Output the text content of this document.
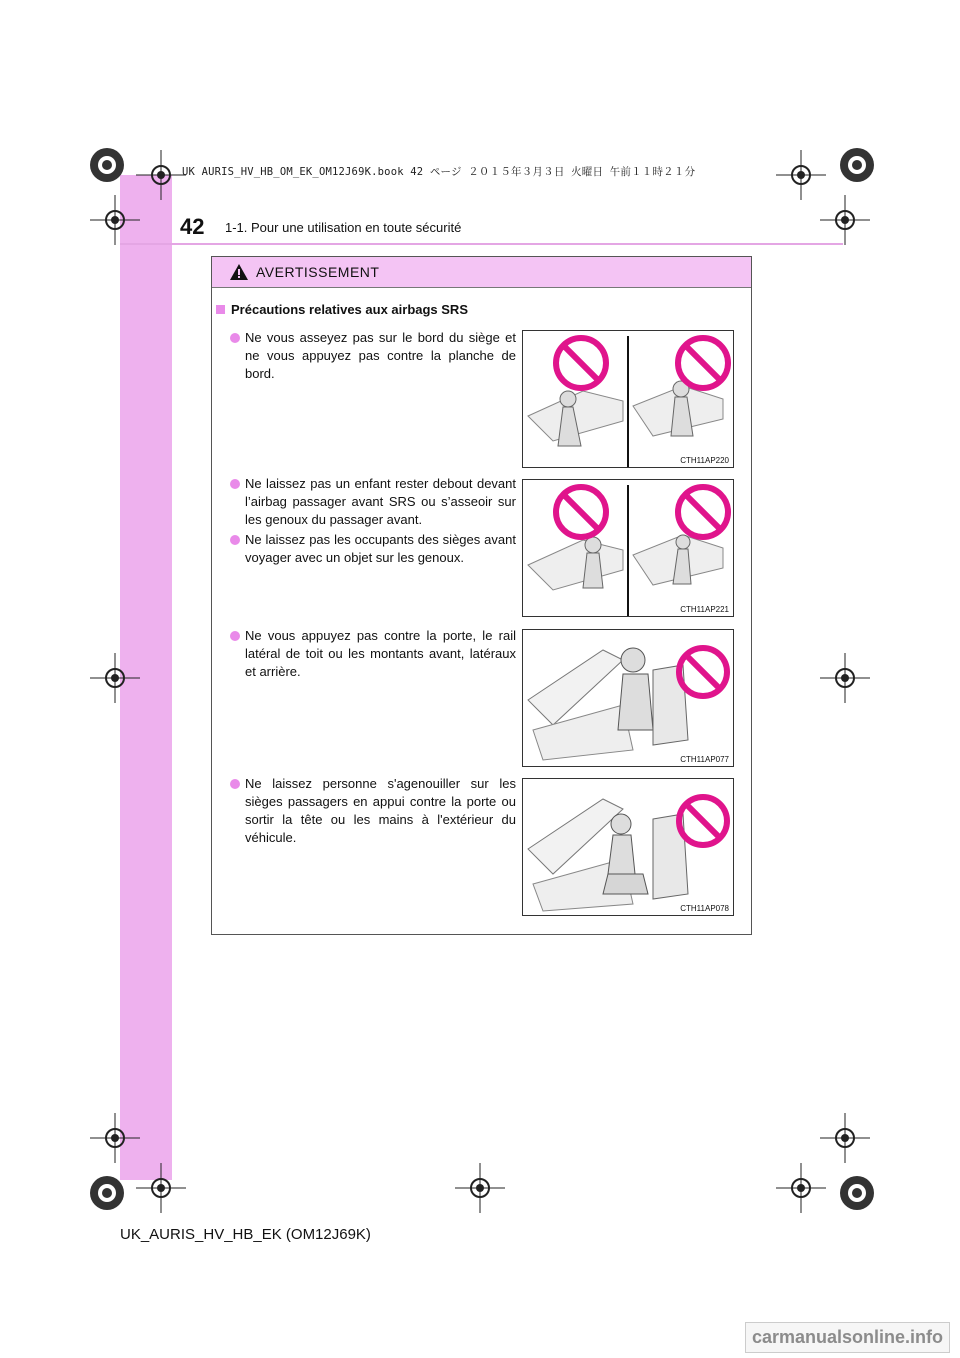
42 1-1. Pour une utilisation en toute sécurité
UK AURIS_HV_HB_OM_EK_OM12J69K.book 42 ページ ２０１５年３月３日 火曜日 午前１１時２１分
AVERTISSEMENT
Précautions relatives aux airbags SRS
Ne vous asseyez pas sur le bord du siège et ne vous appuyez pas contre la planche de bord.
Ne laissez pas un enfant rester debout devant l’airbag passager avant SRS ou s’asseoir sur les genoux du passager avant.
Ne laissez pas les occupants des sièges avant voyager avec un objet sur les genoux.
Ne vous appuyez pas contre la porte, le rail latéral de toit ou les montants avant, latéraux et arrière.
Ne laissez personne s'agenouiller sur les sièges passagers en appui contre la porte ou sortir la tête ou les mains à l'extérieur du véhicule.
CTH11AP220
CTH11AP221
CTH11AP077
CTH11AP078
UK_AURIS_HV_HB_EK (OM12J69K)
carmanualsonline.info
